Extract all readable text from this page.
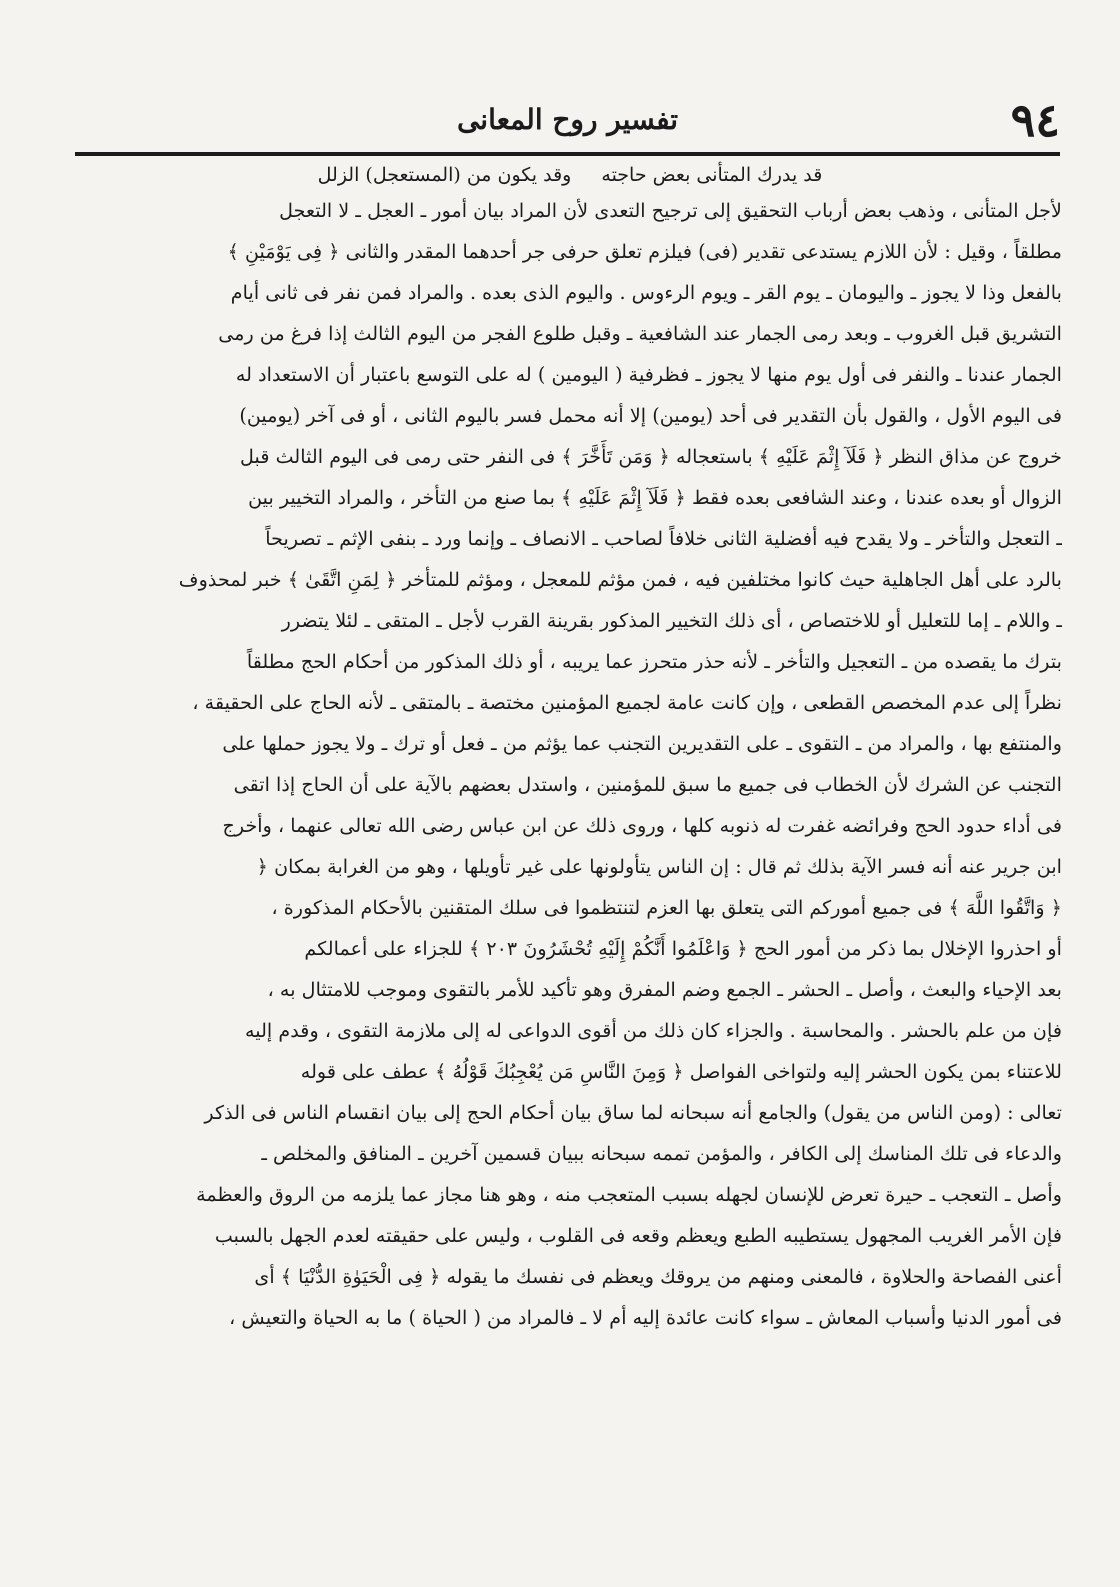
٩٤
تفسير روح المعانى
قد يدرك المتأنى بعض حاجته وقد يكون من (المستعجل) الزلل
لأجل المتأنى ، وذهب بعض أرباب التحقيق إلى ترجيح التعدى لأن المراد بيان أمور ـ العجل ـ لا التعجل
مطلقاً ، وقيل : لأن اللازم يستدعى تقدير (فى) فيلزم تعلق حرفى جر أحدهما المقدر والثانى ﴿ فِى يَوْمَيْنِ ﴾
بالفعل وذا لا يجوز ـ واليومان ـ يوم القر ـ ويوم الرءوس . واليوم الذى بعده . والمراد فمن نفر فى ثانى أيام
التشريق قبل الغروب ـ وبعد رمى الجمار عند الشافعية ـ وقبل طلوع الفجر من اليوم الثالث إذا فرغ من رمى
الجمار عندنا ـ والنفر فى أول يوم منها لا يجوز ـ فظرفية ( اليومين ) له على التوسع باعتبار أن الاستعداد له
فى اليوم الأول ، والقول بأن التقدير فى أحد (يومين) إلا أنه محمل فسر باليوم الثانى ، أو فى آخر (يومين)
خروج عن مذاق النظر ﴿ فَلَآ إِثْمَ عَلَيْهِ ﴾ باستعجاله ﴿ وَمَن تَأَخَّرَ ﴾ فى النفر حتى رمى فى اليوم الثالث قبل
الزوال أو بعده عندنا ، وعند الشافعى بعده فقط ﴿ فَلَآ إِثْمَ عَلَيْهِ ﴾ بما صنع من التأخر ، والمراد التخيير بين
ـ التعجل والتأخر ـ ولا يقدح فيه أفضلية الثانى خلافاً لصاحب ـ الانصاف ـ وإنما ورد ـ بنفى الإثم ـ تصريحاً
بالرد على أهل الجاهلية حيث كانوا مختلفين فيه ، فمن مؤثم للمعجل ، ومؤثم للمتأخر ﴿ لِمَنِ اتَّقَىٰ ﴾ خبر لمحذوف
ـ واللام ـ إما للتعليل أو للاختصاص ، أى ذلك التخيير المذكور بقرينة القرب لأجل ـ المتقى ـ لئلا يتضرر
بترك ما يقصده من ـ التعجيل والتأخر ـ لأنه حذر متحرز عما يريبه ، أو ذلك المذكور من أحكام الحج مطلقاً
نظراً إلى عدم المخصص القطعى ، وإن كانت عامة لجميع المؤمنين مختصة ـ بالمتقى ـ لأنه الحاج على الحقيقة ،
والمنتفع بها ، والمراد من ـ التقوى ـ على التقديرين التجنب عما يؤثم من ـ فعل أو ترك ـ ولا يجوز حملها على
التجنب عن الشرك لأن الخطاب فى جميع ما سبق للمؤمنين ، واستدل بعضهم بالآية على أن الحاج إذا اتقى
فى أداء حدود الحج وفرائضه غفرت له ذنوبه كلها ، وروى ذلك عن ابن عباس رضى الله تعالى عنهما ، وأخرج
ابن جرير عنه أنه فسر الآية بذلك ثم قال : إن الناس يتأولونها على غير تأويلها ، وهو من الغرابة بمكان ﴿
﴿ وَاتَّقُوا اللَّهَ ﴾ فى جميع أموركم التى يتعلق بها العزم لتنتظموا فى سلك المتقنين بالأحكام المذكورة ،
أو احذروا الإخلال بما ذكر من أمور الحج ﴿ وَاعْلَمُوا أَنَّكُمْ إِلَيْهِ تُحْشَرُونَ ٢٠٣ ﴾ للجزاء على أعمالكم
بعد الإحياء والبعث ، وأصل ـ الحشر ـ الجمع وضم المفرق وهو تأكيد للأمر بالتقوى وموجب للامتثال به ،
فإن من علم بالحشر . والمحاسبة . والجزاء كان ذلك من أقوى الدواعى له إلى ملازمة التقوى ، وقدم إليه
للاعتناء بمن يكون الحشر إليه ولتواخى الفواصل ﴿ وَمِنَ النَّاسِ مَن يُعْجِبُكَ قَوْلُهُ ﴾ عطف على قوله
تعالى : (ومن الناس من يقول) والجامع أنه سبحانه لما ساق بيان أحكام الحج إلى بيان انقسام الناس فى الذكر
والدعاء فى تلك المناسك إلى الكافر ، والمؤمن تممه سبحانه ببيان قسمين آخرين ـ المنافق والمخلص ـ
وأصل ـ التعجب ـ حيرة تعرض للإنسان لجهله بسبب المتعجب منه ، وهو هنا مجاز عما يلزمه من الروق والعظمة
فإن الأمر الغريب المجهول يستطيبه الطبع ويعظم وقعه فى القلوب ، وليس على حقيقته لعدم الجهل بالسبب
أعنى الفصاحة والحلاوة ، فالمعنى ومنهم من يروقك ويعظم فى نفسك ما يقوله ﴿ فِى الْحَيَوٰةِ الدُّنْيَا ﴾ أى
فى أمور الدنيا وأسباب المعاش ـ سواء كانت عائدة إليه أم لا ـ فالمراد من ( الحياة ) ما به الحياة والتعيش ،
